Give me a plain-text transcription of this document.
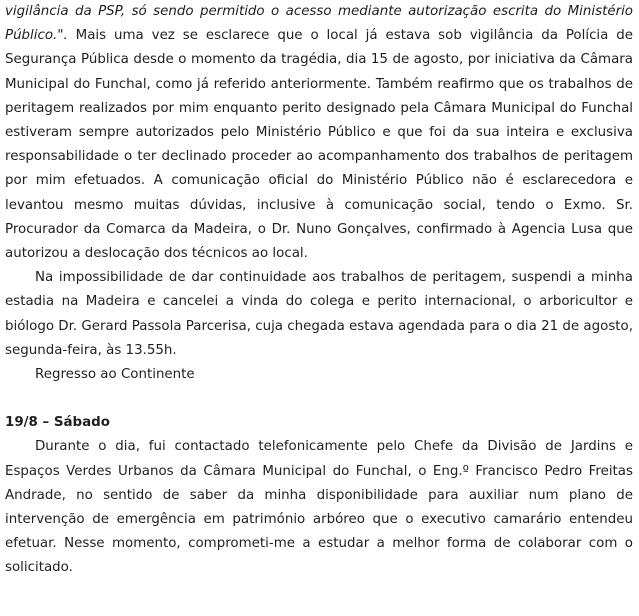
vigilância da PSP, só sendo permitido o acesso mediante autorização escrita do Ministério Público.". Mais uma vez se esclarece que o local já estava sob vigilância da Polícia de Segurança Pública desde o momento da tragédia, dia 15 de agosto, por iniciativa da Câmara Municipal do Funchal, como já referido anteriormente. Também reafirmo que os trabalhos de peritagem realizados por mim enquanto perito designado pela Câmara Municipal do Funchal estiveram sempre autorizados pelo Ministério Público e que foi da sua inteira e exclusiva responsabilidade o ter declinado proceder ao acompanhamento dos trabalhos de peritagem por mim efetuados. A comunicação oficial do Ministério Público não é esclarecedora e levantou mesmo muitas dúvidas, inclusive à comunicação social, tendo o Exmo. Sr. Procurador da Comarca da Madeira, o Dr. Nuno Gonçalves, confirmado à Agencia Lusa que autorizou a deslocação dos técnicos ao local.

Na impossibilidade de dar continuidade aos trabalhos de peritagem, suspendi a minha estadia na Madeira e cancelei a vinda do colega e perito internacional, o arboricultor e biólogo Dr. Gerard Passola Parcerisa, cuja chegada estava agendada para o dia 21 de agosto, segunda-feira, às 13.55h.

Regresso ao Continente

19/8 – Sábado

Durante o dia, fui contactado telefonicamente pelo Chefe da Divisão de Jardins e Espaços Verdes Urbanos da Câmara Municipal do Funchal, o Eng.º Francisco Pedro Freitas Andrade, no sentido de saber da minha disponibilidade para auxiliar num plano de intervenção de emergência em património arbóreo que o executivo camarário entendeu efetuar. Nesse momento, comprometi-me a estudar a melhor forma de colaborar com o solicitado.
